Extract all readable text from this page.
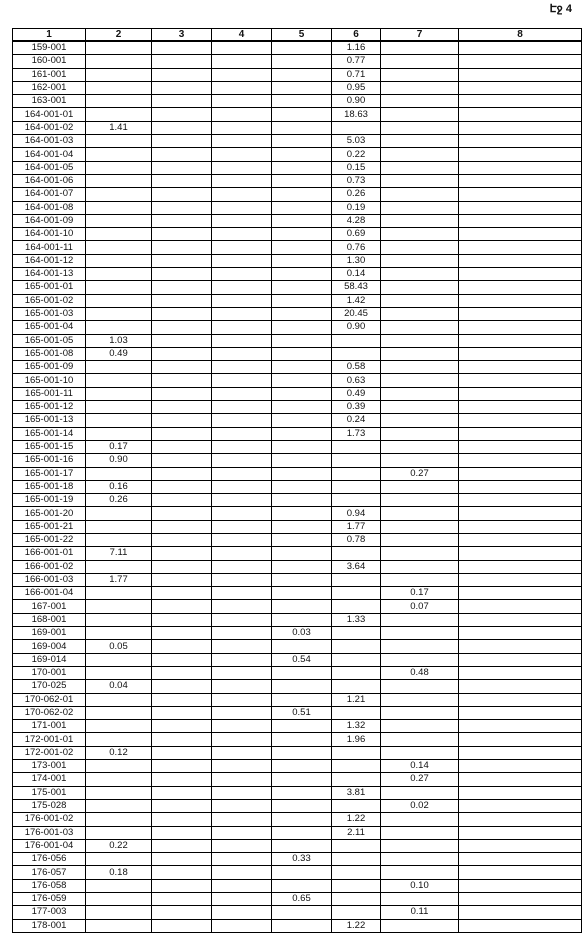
Էջ 4
1	2	3	4	5	6	7	8
159-001					1.16		
160-001					0.77		
161-001					0.71		
162-001					0.95		
163-001					0.90		
164-001-01					18.63		
164-001-02	1.41						
164-001-03					5.03		
164-001-04					0.22		
164-001-05					0.15		
164-001-06					0.73		
164-001-07					0.26		
164-001-08					0.19		
164-001-09					4.28		
164-001-10					0.69		
164-001-11					0.76		
164-001-12					1.30		
164-001-13					0.14		
165-001-01					58.43		
165-001-02					1.42		
165-001-03					20.45		
165-001-04					0.90		
165-001-05	1.03						
165-001-08	0.49						
165-001-09					0.58		
165-001-10					0.63		
165-001-11					0.49		
165-001-12					0.39		
165-001-13					0.24		
165-001-14					1.73		
165-001-15	0.17						
165-001-16	0.90						
165-001-17						0.27	
165-001-18	0.16						
165-001-19	0.26						
165-001-20					0.94		
165-001-21					1.77		
165-001-22					0.78		
166-001-01	7.11						
166-001-02					3.64		
166-001-03	1.77						
166-001-04						0.17	
167-001						0.07	
168-001					1.33		
169-001				0.03			
169-004	0.05						
169-014				0.54			
170-001						0.48	
170-025	0.04						
170-062-01					1.21		
170-062-02				0.51			
171-001					1.32		
172-001-01					1.96		
172-001-02	0.12						
173-001						0.14	
174-001						0.27	
175-001					3.81		
175-028						0.02	
176-001-02					1.22		
176-001-03					2.11		
176-001-04	0.22						
176-056				0.33			
176-057	0.18						
176-058						0.10	
176-059				0.65			
177-003						0.11	
178-001					1.22		
